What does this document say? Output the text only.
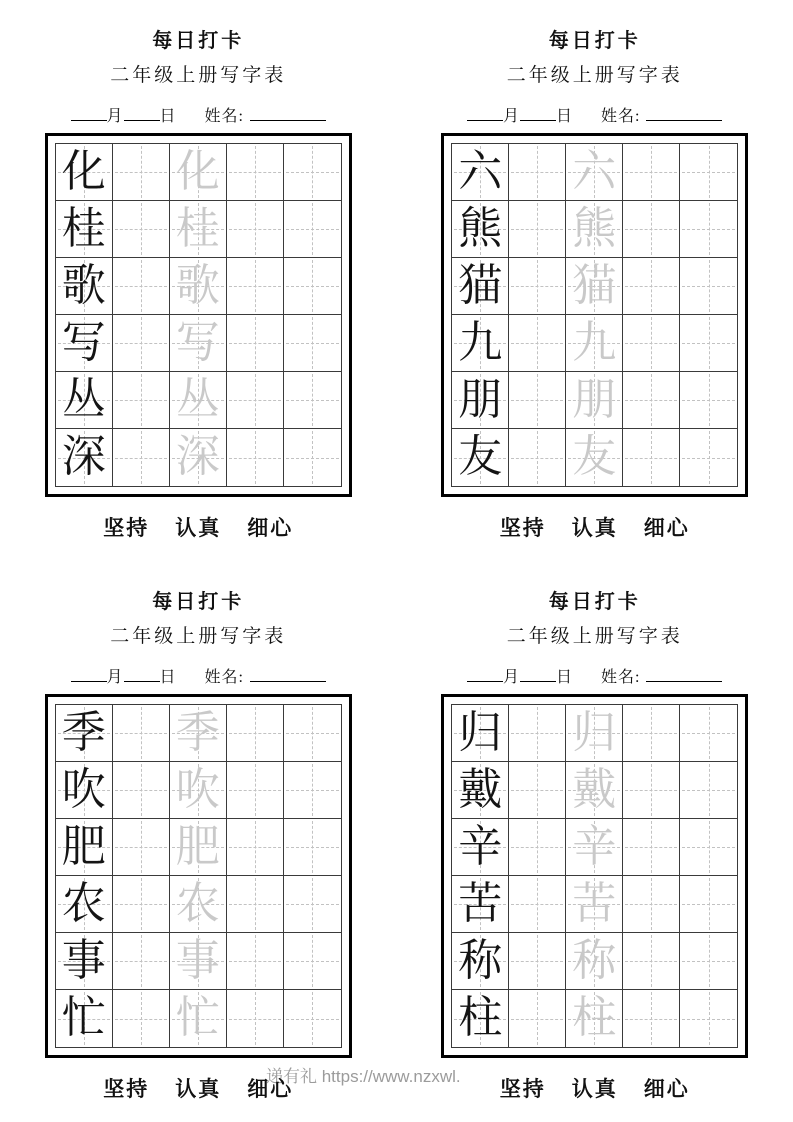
递有礼 https://www.nzxwl.
每日打卡
二年级上册写字表
月 日 姓名:
化 化
桂 桂
歌 歌
写 写
丛 丛
深 深
坚持 认真 细心
每日打卡
二年级上册写字表
月 日 姓名:
六 六
熊 熊
猫 猫
九 九
朋 朋
友 友
坚持 认真 细心
每日打卡
二年级上册写字表
月 日 姓名:
季 季
吹 吹
肥 肥
农 农
事 事
忙 忙
坚持 认真 细心
每日打卡
二年级上册写字表
月 日 姓名:
归 归
戴 戴
辛 辛
苦 苦
称 称
柱 柱
坚持 认真 细心
